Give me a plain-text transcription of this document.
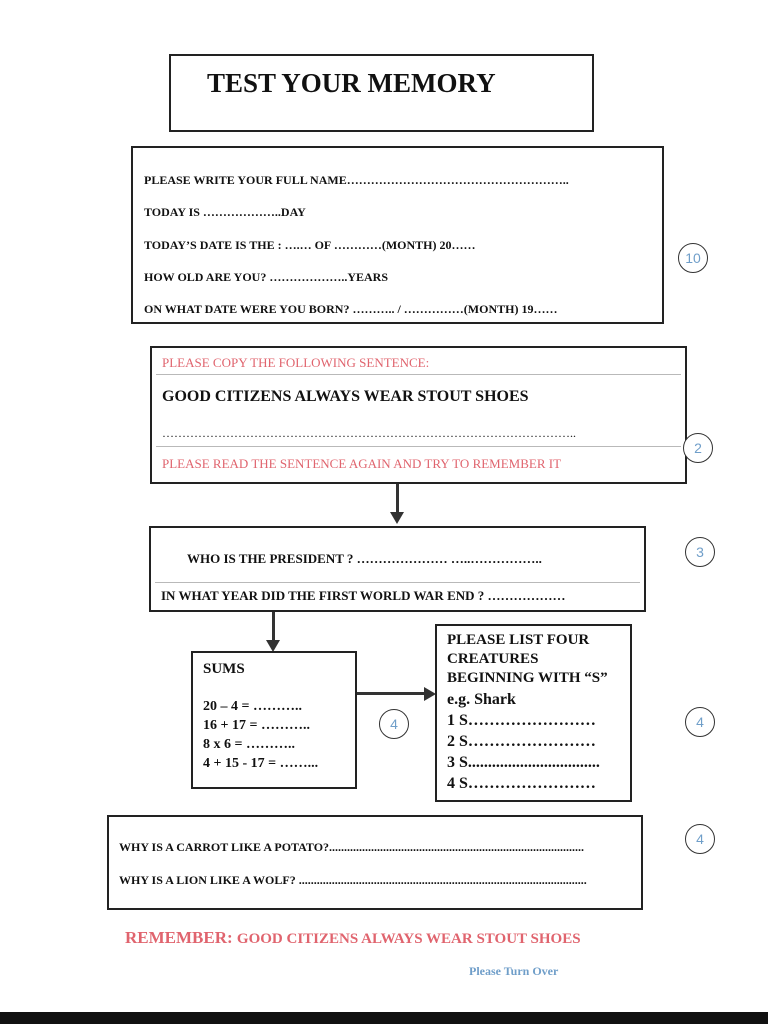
TEST YOUR MEMORY
PLEASE WRITE YOUR FULL NAME………………………………………………..
TODAY IS ………………..DAY
TODAY’S DATE IS THE : ….… OF …………(MONTH) 20……
HOW OLD ARE YOU? ………………..YEARS
ON WHAT DATE WERE YOU BORN? ……….. / ……………(MONTH) 19……
10
PLEASE COPY THE FOLLOWING SENTENCE:
GOOD CITIZENS ALWAYS WEAR STOUT SHOES
…………………………………………………………………………………………..
PLEASE READ THE SENTENCE AGAIN AND TRY TO REMEMBER IT
2
WHO IS THE PRESIDENT ? ………………… …..……………..
IN WHAT YEAR DID THE FIRST WORLD WAR END ? ………………
3
SUMS
20 – 4 = ………..
16 + 17 = ………..
8 x 6 = ………..
4 + 15 - 17 = ……...
4
PLEASE LIST FOUR
CREATURES
BEGINNING WITH “S”
e.g. Shark
1 S……………………
2 S……………………
3 S.................................
4 S……………………
4
WHY IS A CARROT LIKE A POTATO?.....................................................................................
WHY IS A LION LIKE A WOLF? ................................................................................................
4
REMEMBER: GOOD CITIZENS ALWAYS WEAR STOUT SHOES
Please Turn Over
